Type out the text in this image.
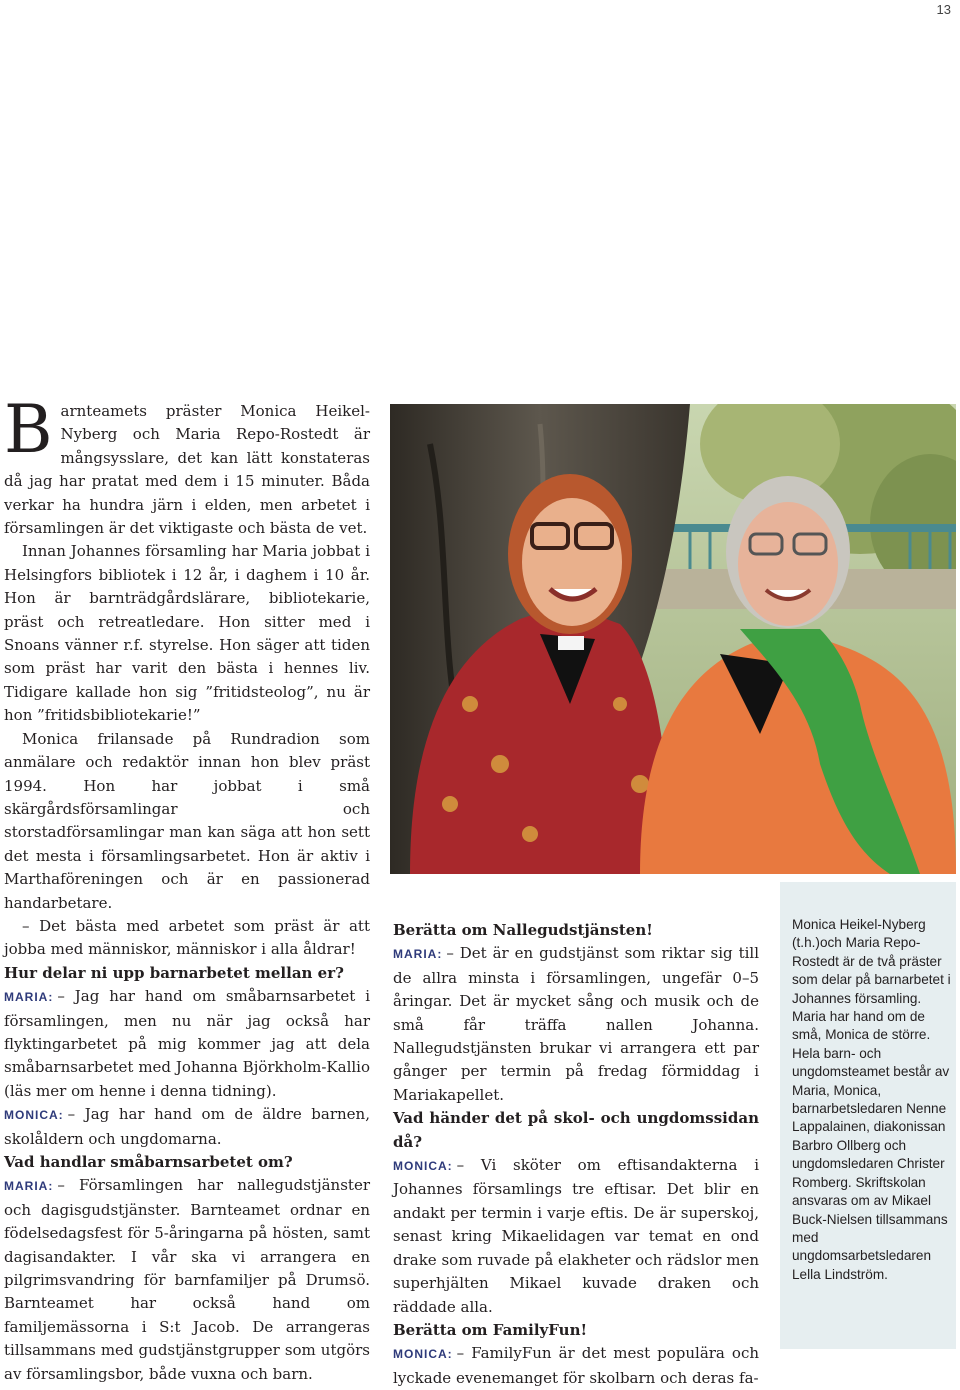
13

Barnteamets präster Monica Heikel-Nyberg och Maria Repo-Rostedt är mångsysslare, det kan lätt konstateras då jag har pratat med dem i 15 minuter. Båda verkar ha hundra järn i elden, men arbetet i församlingen är det viktigaste och bästa de vet.

Innan Johannes församling har Maria jobbat i Helsingfors bibliotek i 12 år, i daghem i 10 år. Hon är barnträdgårdslärare, bibliotekarie, präst och retreatledare. Hon sitter med i Snoans vänner r.f. styrelse. Hon säger att tiden som präst har varit den bästa i hennes liv. Tidigare kallade hon sig ”fritidsteolog”, nu är hon ”fritidsbibliotekarie!”

Monica frilansade på Rundradion som anmälare och redaktör innan hon blev präst 1994. Hon har jobbat i små skärgårdsförsamlingar och storstadförsamlingar man kan säga att hon sett det mesta i församlingsarbetet. Hon är aktiv i Marthaföreningen och är en passionerad handarbetare.

– Det bästa med arbetet som präst är att jobba med människor, människor i alla åldrar!

Hur delar ni upp barnarbetet mellan er?

MARIA: – Jag har hand om småbarnsarbetet i församlingen, men nu när jag också har flyktingarbetet på mig kommer jag att dela småbarnsarbetet med Johanna Björkholm-Kallio (läs mer om henne i denna tidning).

MONICA: – Jag har hand om de äldre barnen, skolåldern och ungdomarna.

Vad handlar småbarnsarbetet om?

MARIA: – Församlingen har nallegudstjänster och dagisgudstjänster. Barnteamet ordnar en födelsedagsfest för 5-åringarna på hösten, samt dagisandakter. I vår ska vi arrangera en pilgrimsvandring för barnfamiljer på Drumsö. Barnteamet har också hand om familjemässorna i S:t Jacob. De arrangeras tillsammans med gudstjänstgrupper som utgörs av församlingsbor, både vuxna och barn.

Berätta om Nallegudstjänsten!

MARIA: – Det är en gudstjänst som riktar sig till de allra minsta i församlingen, ungefär 0–5 åringar. Det är mycket sång och musik och de små får träffa nallen Johanna. Nallegudstjänsten brukar vi arrangera ett par gånger per termin på fredag förmiddag i Mariakapellet.

Vad händer det på skol- och ungdomssidan då?

MONICA: – Vi sköter om eftisandakterna i Johannes församlings tre eftisar. Det blir en andakt per termin i varje eftis. De är superskoj, senast kring Mikaelidagen var temat en ond drake som ruvade på elakheter och rädslor men superhjälten Mikael kuvade draken och räddade alla.

Berätta om FamilyFun!

MONICA: – FamilyFun är det mest populära och lyckade evenemanget för skolbarn och deras fa-

Monica Heikel-Nyberg (t.h.)och Maria Repo-Rostedt är de två präster som delar på barnarbetet i Johannes församling. Maria har hand om de små, Monica de större. Hela barn- och ungdomsteamet består av Maria, Monica, barnarbetsledaren Nenne Lappalainen, diakonissan Barbro Ollberg och ungdomsledaren Christer Romberg. Skriftskolan ansvaras om av Mikael Buck-Nielsen tillsammans med ungdomsarbetsledaren Lella Lindström.
